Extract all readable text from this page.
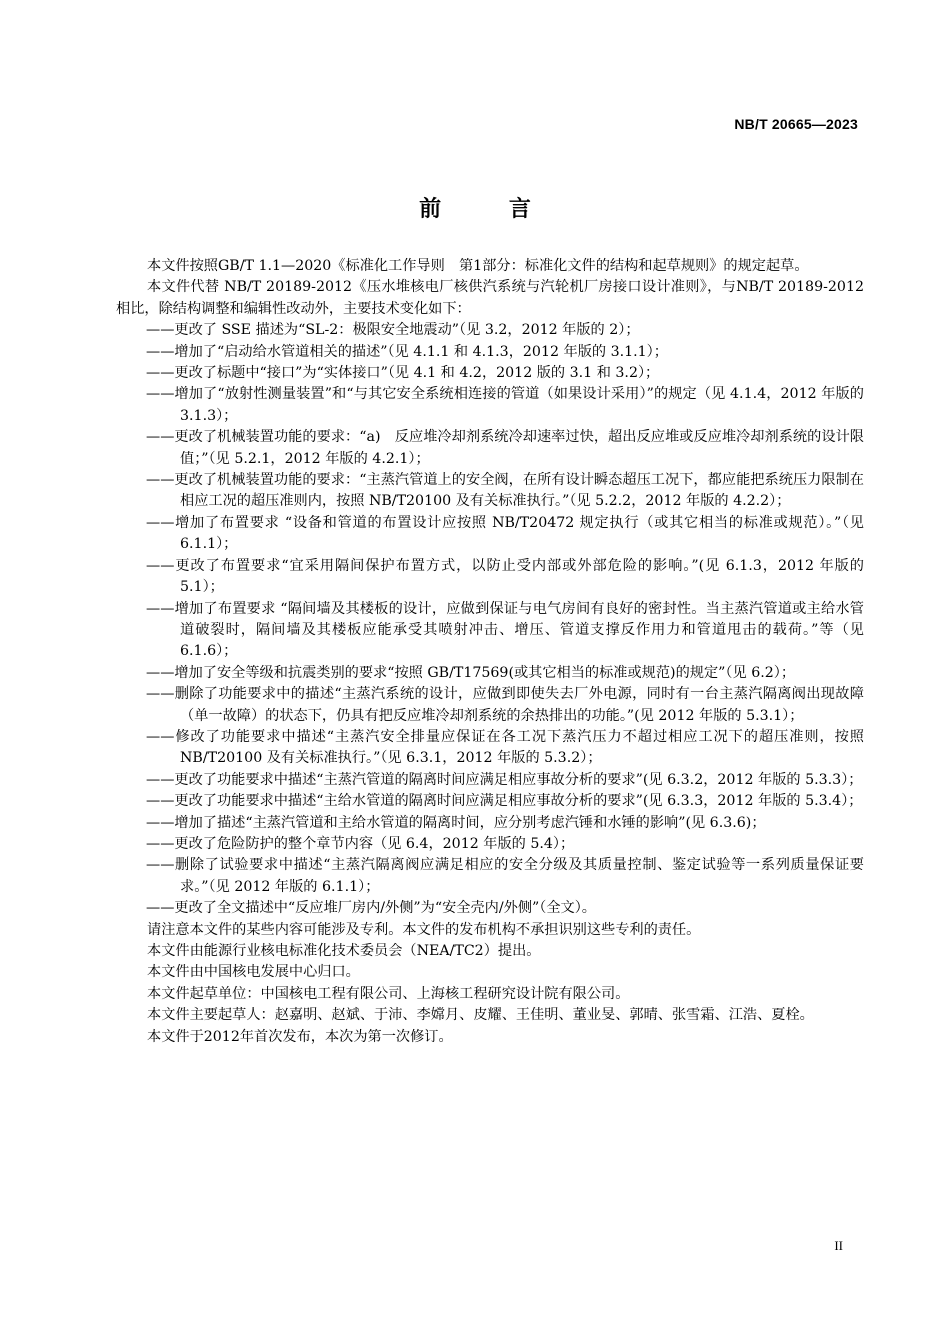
NB/T 20665—2023
前 言

本文件按照GB/T 1.1—2020《标准化工作导则　第1部分：标准化文件的结构和起草规则》的规定起草。

本文件代替 NB/T 20189-2012《压水堆核电厂核供汽系统与汽轮机厂房接口设计准则》，与NB/T 20189-2012相比，除结构调整和编辑性改动外，主要技术变化如下：

——更改了 SSE 描述为“SL-2：极限安全地震动”（见 3.2，2012 年版的 2）；

——增加了“启动给水管道相关的描述”（见 4.1.1 和 4.1.3，2012 年版的 3.1.1）；

——更改了标题中“接口”为“实体接口”（见 4.1 和 4.2，2012 版的 3.1 和 3.2）；

——增加了“放射性测量装置”和“与其它安全系统相连接的管道（如果设计采用）”的规定（见 4.1.4，2012 年版的 3.1.3）；

——更改了机械装置功能的要求：“a)　反应堆冷却剂系统冷却速率过快，超出反应堆或反应堆冷却剂系统的设计限值；”（见 5.2.1，2012 年版的 4.2.1）；

——更改了机械装置功能的要求：“主蒸汽管道上的安全阀，在所有设计瞬态超压工况下，都应能把系统压力限制在相应工况的超压准则内，按照 NB/T20100 及有关标准执行。”（见 5.2.2，2012 年版的 4.2.2）；

——增加了布置要求 “设备和管道的布置设计应按照 NB/T20472 规定执行（或其它相当的标准或规范）。”（见 6.1.1）；

——更改了布置要求“宜采用隔间保护布置方式，以防止受内部或外部危险的影响。”(见 6.1.3，2012 年版的 5.1）；

——增加了布置要求 “隔间墙及其楼板的设计，应做到保证与电气房间有良好的密封性。当主蒸汽管道或主给水管道破裂时，隔间墙及其楼板应能承受其喷射冲击、增压、管道支撑反作用力和管道甩击的载荷。”等（见 6.1.6）；

——增加了安全等级和抗震类别的要求“按照 GB/T17569(或其它相当的标准或规范)的规定”（见 6.2）；

——删除了功能要求中的描述“主蒸汽系统的设计，应做到即使失去厂外电源，同时有一台主蒸汽隔离阀出现故障（单一故障）的状态下，仍具有把反应堆冷却剂系统的余热排出的功能。”(见 2012 年版的 5.3.1）；

——修改了功能要求中描述“主蒸汽安全排量应保证在各工况下蒸汽压力不超过相应工况下的超压准则，按照 NB/T20100 及有关标准执行。”（见 6.3.1，2012 年版的 5.3.2）；

——更改了功能要求中描述“主蒸汽管道的隔离时间应满足相应事故分析的要求”(见 6.3.2，2012 年版的 5.3.3）；

——更改了功能要求中描述“主给水管道的隔离时间应满足相应事故分析的要求”(见 6.3.3，2012 年版的 5.3.4）；

——增加了描述“主蒸汽管道和主给水管道的隔离时间，应分别考虑汽锤和水锤的影响”(见 6.3.6)；

——更改了危险防护的整个章节内容（见 6.4，2012 年版的 5.4）；

——删除了试验要求中描述“主蒸汽隔离阀应满足相应的安全分级及其质量控制、鉴定试验等一系列质量保证要求。”（见 2012 年版的 6.1.1）；

——更改了全文描述中“反应堆厂房内/外侧”为“安全壳内/外侧”（全文）。

请注意本文件的某些内容可能涉及专利。本文件的发布机构不承担识别这些专利的责任。

本文件由能源行业核电标准化技术委员会（NEA/TC2）提出。

本文件由中国核电发展中心归口。

本文件起草单位：中国核电工程有限公司、上海核工程研究设计院有限公司。

本文件主要起草人：赵嘉明、赵斌、于沛、李嫦月、皮耀、王佳明、董业旻、郭晴、张雪霜、江浩、夏栓。

本文件于2012年首次发布，本次为第一次修订。

II
